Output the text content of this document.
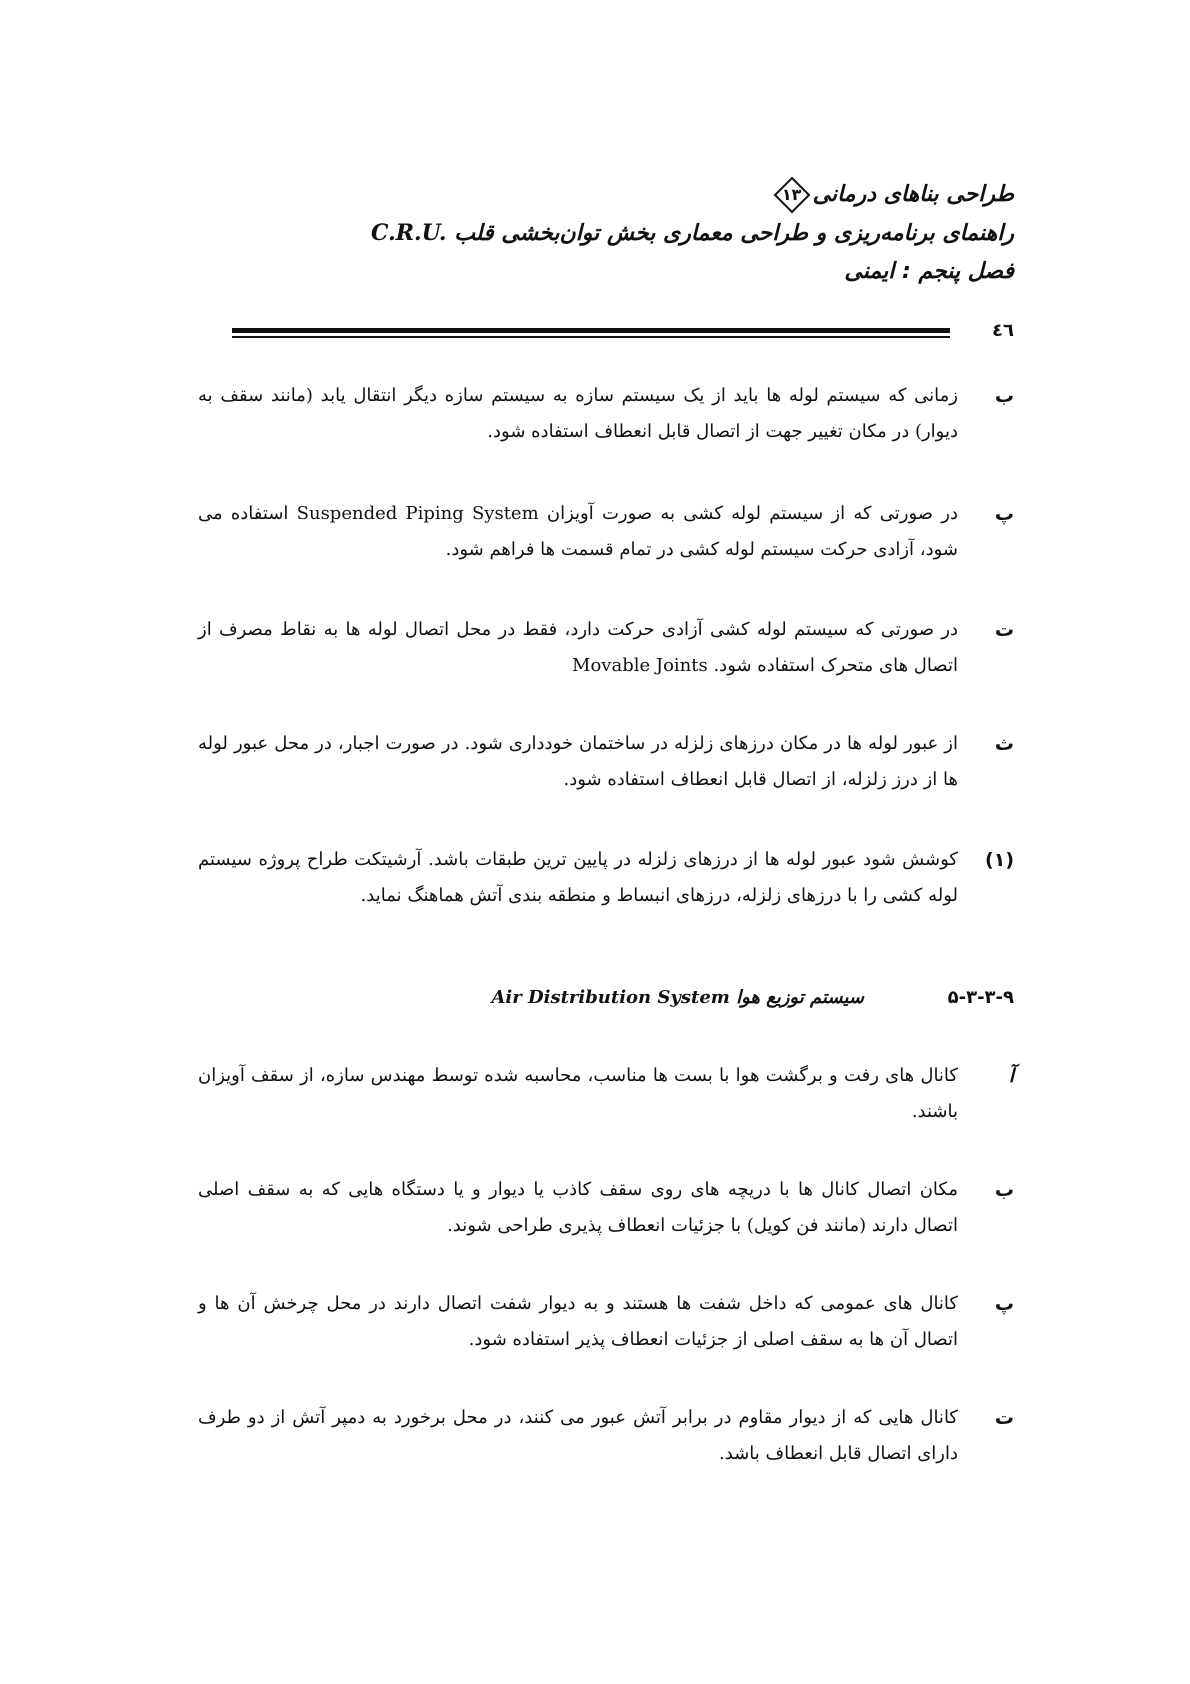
طراحی بناهای درمانی
۱۳
راهنمای برنامه‌ریزی و طراحی معماری بخش توان‌بخشی قلب C.R.U.
فصل پنجم : ایمنی
٤٦
ب
زمانی که سیستم لوله ها باید از یک سیستم سازه به سیستم سازه دیگر انتقال یابد (مانند سقف به دیوار) در مکان تغییر جهت از اتصال قابل انعطاف استفاده شود.
پ
در صورتی که از سیستم لوله کشی به صورت آویزان Suspended Piping System استفاده می شود، آزادی حرکت سیستم لوله کشی در تمام قسمت ها فراهم شود.
ت
در صورتی که سیستم لوله کشی آزادی حرکت دارد، فقط در محل اتصال لوله ها به نقاط مصرف از اتصال های متحرک استفاده شود. Movable Joints
ث
از عبور لوله ها در مکان درزهای زلزله در ساختمان خودداری شود. در صورت اجبار، در محل عبور لوله ها از درز زلزله، از اتصال قابل انعطاف استفاده شود.
(۱)
کوشش شود عبور لوله ها از درزهای زلزله در پایین ترین طبقات باشد. آرشیتکت طراح پروژه سیستم لوله کشی را با درزهای زلزله، درزهای انبساط و منطقه بندی آتش هماهنگ نماید.
۵-۳-۳-۹
سیستم توزیع هوا Air Distribution System
آ
کانال های رفت و برگشت هوا با بست ها مناسب، محاسبه شده توسط مهندس سازه، از سقف آویزان باشند.
ب
مکان اتصال کانال ها با دریچه های روی سقف کاذب یا دیوار و یا دستگاه هایی که به سقف اصلی اتصال دارند (مانند فن کویل) با جزئیات انعطاف پذیری طراحی شوند.
پ
کانال های عمومی که داخل شفت ها هستند و به دیوار شفت اتصال دارند در محل چرخش آن ها و اتصال آن ها به سقف اصلی از جزئیات انعطاف پذیر استفاده شود.
ت
کانال هایی که از دیوار مقاوم در برابر آتش عبور می کنند، در محل برخورد به دمپر آتش از دو طرف دارای اتصال قابل انعطاف باشد.
